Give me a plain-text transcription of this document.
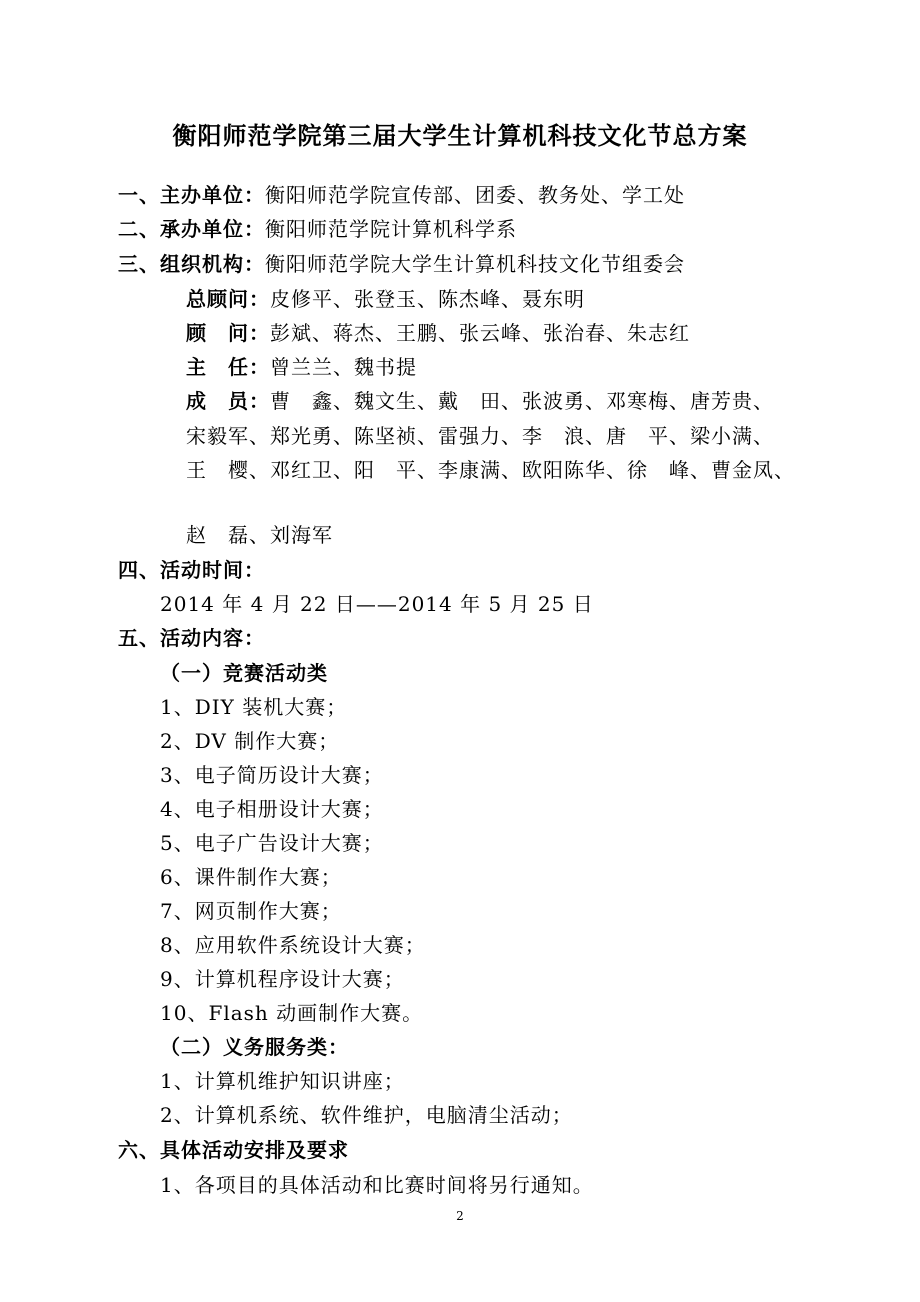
衡阳师范学院第三届大学生计算机科技文化节总方案
一、主办单位：衡阳师范学院宣传部、团委、教务处、学工处
二、承办单位：衡阳师范学院计算机科学系
三、组织机构：衡阳师范学院大学生计算机科技文化节组委会
总顾问：皮修平、张登玉、陈杰峰、聂东明
顾　问：彭斌、蒋杰、王鹏、张云峰、张治春、朱志红
主　任：曾兰兰、魏书提
成　员：曹　鑫、魏文生、戴　田、张波勇、邓寒梅、唐芳贵、
宋毅军、郑光勇、陈坚祯、雷强力、李　浪、唐　平、梁小满、
王　樱、邓红卫、阳　平、李康满、欧阳陈华、徐　峰、曹金凤、
赵　磊、刘海军
四、活动时间：
2014 年 4 月 22 日——2014 年 5 月 25 日
五、活动内容：
（一）竞赛活动类
1、DIY 装机大赛；
2、DV 制作大赛；
3、电子简历设计大赛；
4、电子相册设计大赛；
5、电子广告设计大赛；
6、课件制作大赛；
7、网页制作大赛；
8、应用软件系统设计大赛；
9、计算机程序设计大赛；
10、Flash 动画制作大赛。
（二）义务服务类：
1、计算机维护知识讲座；
2、计算机系统、软件维护，电脑清尘活动；
六、具体活动安排及要求
1、各项目的具体活动和比赛时间将另行通知。
2
